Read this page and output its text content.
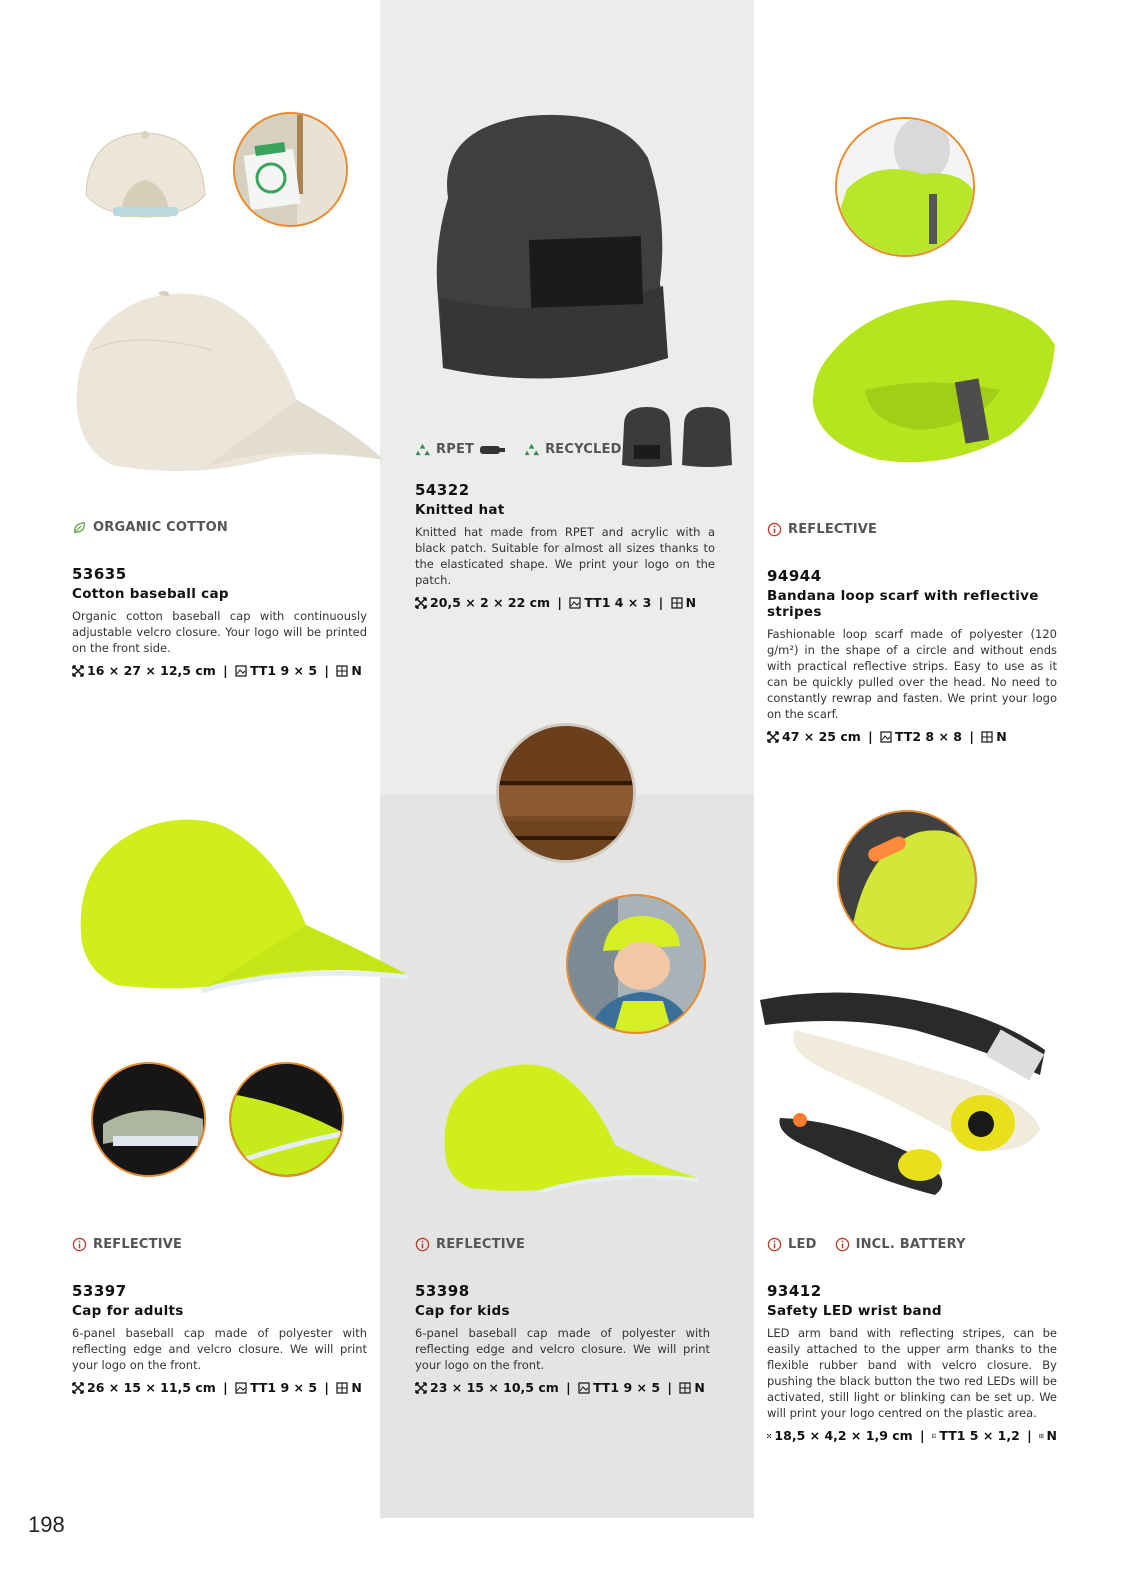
ORGANIC COTTON
53635
Cotton baseball cap
Organic cotton baseball cap with continuously adjustable velcro closure. Your logo will be printed on the front side.
16 × 27 × 12,5 cm | TT1 9 × 5 | N
RPET	RECYCLED
54322
Knitted hat
Knitted hat made from RPET and acrylic with a black patch. Suitable for almost all sizes thanks to the elasticated shape. We print your logo on the patch.
20,5 × 2 × 22 cm | TT1 4 × 3 | N
REFLECTIVE
94944
Bandana loop scarf with reflective stripes
Fashionable loop scarf made of polyester (120 g/m²) in the shape of a circle and without ends with practical reflective strips. Easy to use as it can be quickly pulled over the head. No need to constantly rewrap and fasten. We print your logo on the scarf.
47 × 25 cm | TT2 8 × 8 | N
REFLECTIVE
53397
Cap for adults
6-panel baseball cap made of polyester with reflecting edge and velcro closure. We will print your logo on the front.
26 × 15 × 11,5 cm | TT1 9 × 5 | N
REFLECTIVE
53398
Cap for kids
6-panel baseball cap made of polyester with reflecting edge and velcro closure. We will print your logo on the front.
23 × 15 × 10,5 cm | TT1 9 × 5 | N
LED	INCL. BATTERY
93412
Safety LED wrist band
LED arm band with reflecting stripes, can be easily attached to the upper arm thanks to the flexible rubber band with velcro closure. By pushing the black button the two red LEDs will be activated, still light or blinking can be set up. We will print your logo centred on the plastic area.
18,5 × 4,2 × 1,9 cm | TT1 5 × 1,2 | N
198
